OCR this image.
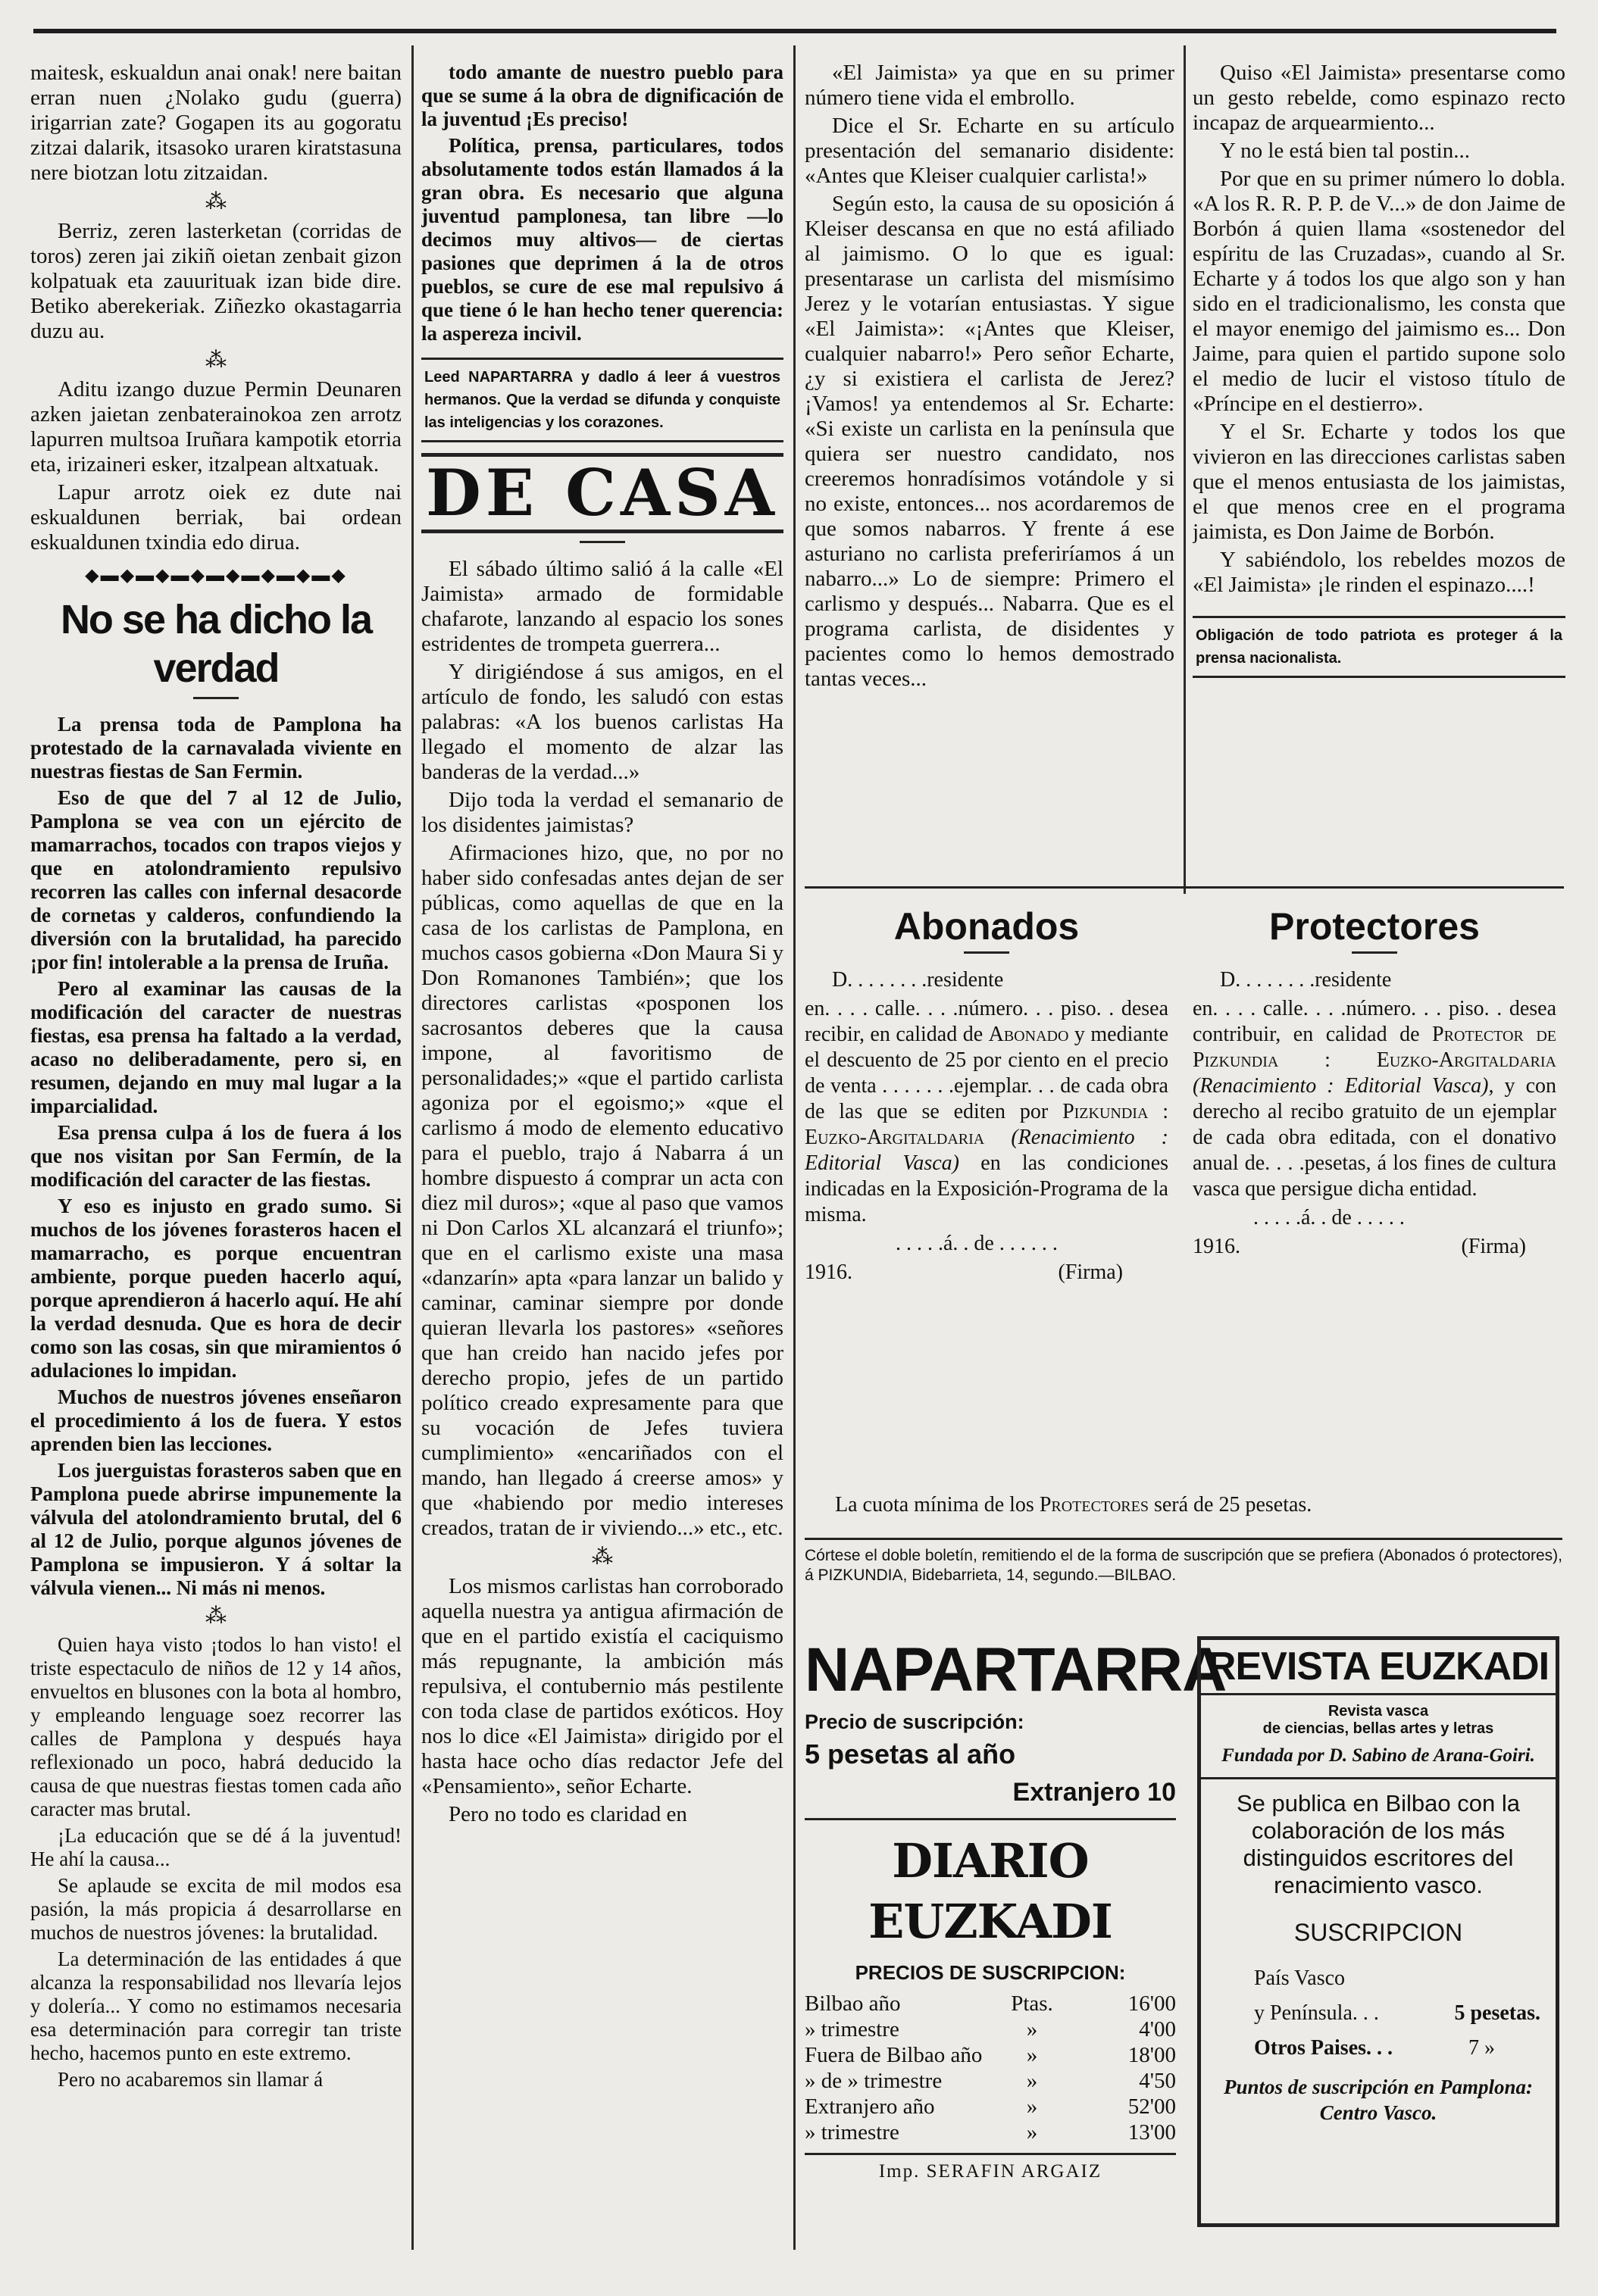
maitesk, eskualdun anai onak! nere baitan erran nuen ¿Nolako gudu (guerra) irigarrian zate? Gogapen its au gogoratu zitzai dalarik, itsasoko uraren kiratstasuna nere biotzan lotu zitzaidan.

⁂

Berriz, zeren lasterketan (corridas de toros) zeren jai zikiñ oietan zenbait gizon kolpatuak eta zauurituak izan bide dire. Betiko aberekeriak. Ziñezko okastagarria duzu au.

⁂

Aditu izango duzue Permin Deunaren azken jaietan zenbaterainokoa zen arrotz lapurren multsoa Iruñara kampotik etorria eta, irizaineri esker, itzalpean altxatuak.

Lapur arrotz oiek ez dute nai eskualdunen berriak, bai ordean eskualdunen txindia edo dirua.

◆▬◆▬◆▬◆▬◆▬◆▬◆▬◆
No se ha dicho la verdad

La prensa toda de Pamplona ha protestado de la carnavalada viviente en nuestras fiestas de San Fermin.

Eso de que del 7 al 12 de Julio, Pamplona se vea con un ejército de mamarrachos, tocados con trapos viejos y que en atolondramiento repulsivo recorren las calles con infernal desacorde de cornetas y calderos, confundiendo la diversión con la brutalidad, ha parecido ¡por fin! intolerable a la prensa de Iruña.

Pero al examinar las causas de la modificación del caracter de nuestras fiestas, esa prensa ha faltado a la verdad, acaso no deliberadamente, pero si, en resumen, dejando en muy mal lugar a la imparcialidad.

Esa prensa culpa á los de fuera á los que nos visitan por San Fermín, de la modificación del caracter de las fiestas.

Y eso es injusto en grado sumo. Si muchos de los jóvenes forasteros hacen el mamarracho, es porque encuentran ambiente, porque pueden hacerlo aquí, porque aprendieron á hacerlo aquí. He ahí la verdad desnuda. Que es hora de decir como son las cosas, sin que miramientos ó adulaciones lo impidan.

Muchos de nuestros jóvenes enseñaron el procedimiento á los de fuera. Y estos aprenden bien las lecciones.

Los juerguistas forasteros saben que en Pamplona puede abrirse impunemente la válvula del atolondramiento brutal, del 6 al 12 de Julio, porque algunos jóvenes de Pamplona se impusieron. Y á soltar la válvula vienen... Ni más ni menos.

⁂

Quien haya visto ¡todos lo han visto! el triste espectaculo de niños de 12 y 14 años, envueltos en blusones con la bota al hombro, y empleando lenguage soez recorrer las calles de Pamplona y después haya reflexionado un poco, habrá deducido la causa de que nuestras fiestas tomen cada año caracter mas brutal.

¡La educación que se dé á la juventud! He ahí la causa...

Se aplaude se excita de mil modos esa pasión, la más propicia á desarrollarse en muchos de nuestros jóvenes: la brutalidad.

La determinación de las entidades á que alcanza la responsabilidad nos llevaría lejos y dolería... Y como no estimamos necesaria esa determinación para corregir tan triste hecho, hacemos punto en este extremo.

Pero no acabaremos sin llamar á

todo amante de nuestro pueblo para que se sume á la obra de dignificación de la juventud ¡Es preciso!

Política, prensa, particulares, todos absolutamente todos están llamados á la gran obra. Es necesario que alguna juventud pamplonesa, tan libre —lo decimos muy altivos— de ciertas pasiones que deprimen á la de otros pueblos, se cure de ese mal repulsivo á que tiene ó le han hecho tener querencia: la aspereza incivil.

Leed NAPARTARRA y dadlo á leer á vuestros hermanos. Que la verdad se difunda y conquiste las inteligencias y los corazones.
DE CASA

El sábado último salió á la calle «El Jaimista» armado de formidable chafarote, lanzando al espacio los sones estridentes de trompeta guerrera...

Y dirigiéndose á sus amigos, en el artículo de fondo, les saludó con estas palabras: «A los buenos carlistas Ha llegado el momento de alzar las banderas de la verdad...»

Dijo toda la verdad el semanario de los disidentes jaimistas?

Afirmaciones hizo, que, no por no haber sido confesadas antes dejan de ser públicas, como aquellas de que en la casa de los carlistas de Pamplona, en muchos casos gobierna «Don Maura Si y Don Romanones También»; que los directores carlistas «posponen los sacrosantos deberes que la causa impone, al favoritismo de personalidades;» «que el partido carlista agoniza por el egoismo;» «que el carlismo á modo de elemento educativo para el pueblo, trajo á Nabarra á un hombre dispuesto á comprar un acta con diez mil duros»; «que al paso que vamos ni Don Carlos XL alcanzará el triunfo»; que en el carlismo existe una masa «danzarín» apta «para lanzar un balido y caminar, caminar siempre por donde quieran llevarla los pastores» «señores que han creido han nacido jefes por derecho propio, jefes de un partido político creado expresamente para que su vocación de Jefes tuviera cumplimiento» «encariñados con el mando, han llegado á creerse amos» y que «habiendo por medio intereses creados, tratan de ir viviendo...» etc., etc.

⁂

Los mismos carlistas han corroborado aquella nuestra ya antigua afirmación de que en el partido existía el caciquismo más repugnante, la ambición más repulsiva, el contubernio más pestilente con toda clase de partidos exóticos. Hoy nos lo dice «El Jaimista» dirigido por el hasta hace ocho días redactor Jefe del «Pensamiento», señor Echarte.

Pero no todo es claridad en

«El Jaimista» ya que en su primer número tiene vida el embrollo.

Dice el Sr. Echarte en su artículo presentación del semanario disidente: «Antes que Kleiser cualquier carlista!»

Según esto, la causa de su oposición á Kleiser descansa en que no está afiliado al jaimismo. O lo que es igual: presentarase un carlista del mismísimo Jerez y le votarían entusiastas. Y sigue «El Jaimista»: «¡Antes que Kleiser, cualquier nabarro!» Pero señor Echarte, ¿y si existiera el carlista de Jerez? ¡Vamos! ya entendemos al Sr. Echarte: «Si existe un carlista en la península que quiera ser nuestro candidato, nos creeremos honradísimos votándole y si no existe, entonces... nos acordaremos de que somos nabarros. Y frente á ese asturiano no carlista preferiríamos á un nabarro...» Lo de siempre: Primero el carlismo y después... Nabarra. Que es el programa carlista, de disidentes y pacientes como lo hemos demostrado tantas veces...

Quiso «El Jaimista» presentarse como un gesto rebelde, como espinazo recto incapaz de arquearmiento...

Y no le está bien tal postin...

Por que en su primer número lo dobla. «A los R. R. P. P. de V...» de don Jaime de Borbón á quien llama «sostenedor del espíritu de las Cruzadas», cuando al Sr. Echarte y á todos los que algo son y han sido en el tradicionalismo, les consta que el mayor enemigo del jaimismo es... Don Jaime, para quien el partido supone solo el medio de lucir el vistoso título de «Príncipe en el destierro».

Y el Sr. Echarte y todos los que vivieron en las direcciones carlistas saben que el menos entusiasta de los jaimistas, el que menos cree en el programa jaimista, es Don Jaime de Borbón.

Y sabiéndolo, los rebeldes mozos de «El Jaimista» ¡le rinden el espinazo....!

Obligación de todo patriota es proteger á la prensa nacionalista.
Abonados

D. . . . . . . .residente

en. . . . calle. . . .número. . . piso. . desea recibir, en calidad de Abonado y mediante el descuento de 25 por ciento en el precio de venta . . . . . . .ejemplar. . . de cada obra de las que se editen por Pizkundia : Euzko-Argitaldaria (Renacimiento : Editorial Vasca) en las condiciones indicadas en la Exposición-Programa de la misma.

. . . . .á. . de . . . . . .

1916.	(Firma)

Protectores

D. . . . . . . .residente

en. . . . calle. . . .número. . . piso. . desea contribuir, en calidad de Protector de Pizkundia : Euzko-Argitaldaria (Renacimiento : Editorial Vasca), y con derecho al recibo gratuito de un ejemplar de cada obra editada, con el donativo anual de. . . .pesetas, á los fines de cultura vasca que persigue dicha entidad.

. . . . .á. . de . . . . .

1916.	(Firma)

La cuota mínima de los Protectores será de 25 pesetas.

Córtese el doble boletín, remitiendo el de la forma de suscripción que se prefiera (Abonados ó protectores), á PIZKUNDIA, Bidebarrieta, 14, segundo.—BILBAO.
NAPARTARRA
Precio de suscripción:
5 pesetas al año
Extranjero 10
DIARIO EUZKADI
PRECIOS DE SUSCRIPCION:
Bilbao año	Ptas.	16'00
» trimestre	»	4'00
Fuera de Bilbao año	»	18'00
» de » trimestre	»	4'50
Extranjero año	»	52'00
» trimestre	»	13'00
Imp. SERAFIN ARGAIZ
REVISTA EUZKADI
Revista vasca
de ciencias, bellas artes y letras
Fundada por D. Sabino de Arana-Goiri.
Se publica en Bilbao con la colaboración de los más distinguidos escritores del renacimiento vasco.
SUSCRIPCION
País Vasco
y Península. . .	5 pesetas.
Otros Paises. . .	7 »
Puntos de suscripción en Pamplona: Centro Vasco.
